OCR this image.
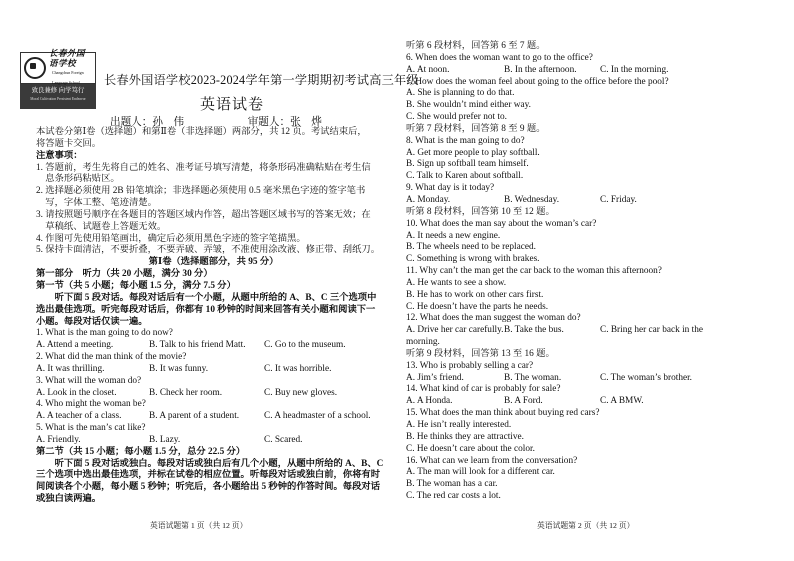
长春外国语学校
Changchun Foreign Language School
致良兼修 向学笃行
Moral Cultivation Persistent Endeavor
长春外国语学校2023-2024学年第一学期期初考试高三年级
英语试卷
出题人：孙　伟　　　　　　审题人：张　烨
本试卷分第Ⅰ卷（选择题）和第Ⅱ卷（非选择题）两部分，共 12 页。考试结束后，
将答题卡交回。
注意事项：
1. 答题前，考生先将自己的姓名、准考证号填写清楚，将条形码准确粘贴在考生信
　息条形码粘贴区。
2. 选择题必须使用 2B 铅笔填涂；非选择题必须使用 0.5 毫米黑色字迹的签字笔书
　写，字体工整、笔迹清楚。
3. 请按照题号顺序在各题目的答题区域内作答，超出答题区域书写的答案无效；在
　草稿纸、试题卷上答题无效。
4. 作图可先使用铅笔画出，确定后必须用黑色字迹的签字笔描黑。
5. 保持卡面清洁，不要折叠，不要弄破、弄皱，不准使用涂改液、修正带、刮纸刀。
第Ⅰ卷（选择题部分，共 95 分）
第一部分　听力（共 20 小题，满分 30 分）
第一节（共 5 小题；每小题 1.5 分，满分 7.5 分）
　　听下面 5 段对话。每段对话后有一个小题，从题中所给的 A、B、C 三个选项中
选出最佳选项。听完每段对话后，你都有 10 秒钟的时间来回答有关小题和阅读下一
小题。每段对话仅读一遍。
1. What is the man going to do now?
A. Attend a meeting.	B. Talk to his friend Matt. C. Go to the museum.
2. What did the man think of the movie?
A. It was thrilling.	B. It was funny.	C. It was horrible.
3. What will the woman do?
A. Look in the closet.	B. Check her room.	C. Buy new gloves.
4. Who might the woman be?
A. A teacher of a class.	B. A parent of a student.	C. A headmaster of a school.
5. What is the man’s cat like?
A. Friendly.	B. Lazy.	C. Scared.
第二节（共 15 小题；每小题 1.5 分，总分 22.5 分）
　　听下面 5 段对话或独白。每段对话或独白后有几个小题，从题中所给的 A、B、C
三个选项中选出最佳选项，并标在试卷的相应位置。听每段对话或独白前，你将有时
间阅读各个小题，每小题 5 秒钟；听完后，各小题给出 5 秒钟的作答时间。每段对话
或独白读两遍。
英语试题第 1 页（共 12 页）
听第 6 段材料，回答第 6 至 7 题。
6. When does the woman want to go to the office?
A. At noon.	B. In the afternoon.	C. In the morning.
7. How does the woman feel about going to the office before the pool?
A. She is planning to do that.
B. She wouldn’t mind either way.
C. She would prefer not to.
听第 7 段材料，回答第 8 至 9 题。
8. What is the man going to do?
A. Get more people to play softball.
B. Sign up softball team himself.
C. Talk to Karen about softball.
9. What day is it today?
A. Monday.	B. Wednesday.	C. Friday.
听第 8 段材料，回答第 10 至 12 题。
10. What does the man say about the woman’s car?
A. It needs a new engine.
B. The wheels need to be replaced.
C. Something is wrong with brakes.
11. Why can’t the man get the car back to the woman this afternoon?
A. He wants to see a show.
B. He has to work on other cars first.
C. He doesn’t have the parts he needs.
12. What does the man suggest the woman do?
A. Drive her car carefully. B. Take the bus.	C. Bring her car back in the
morning.
听第 9 段材料，回答第 13 至 16 题。
13. Who is probably selling a car?
A. Jim’s friend.	B. The woman.	C. The woman’s brother.
14. What kind of car is probably for sale?
A. A Honda.	B. A Ford.	C. A BMW.
15. What does the man think about buying red cars?
A. He isn’t really interested.
B. He thinks they are attractive.
C. He doesn’t care about the color.
16. What can we learn from the conversation?
A. The man will look for a different car.
B. The woman has a car.
C. The red car costs a lot.
英语试题第 2 页（共 12 页）
